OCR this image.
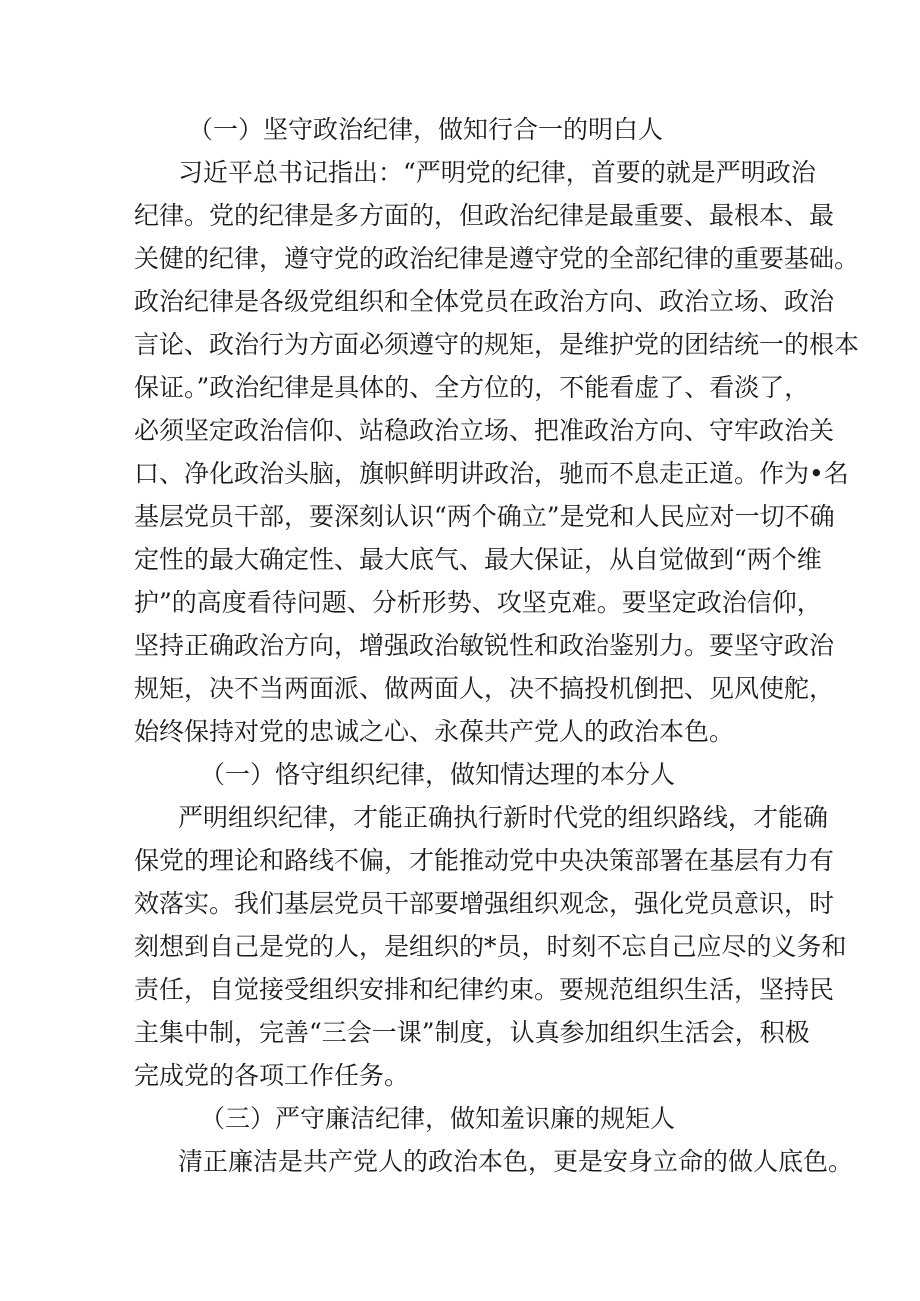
（一）坚守政治纪律，做知行合一的明白人
习近平总书记指出：“严明党的纪律，首要的就是严明政治
纪律。党的纪律是多方面的，但政治纪律是最重要、最根本、最
关健的纪律，遵守党的政治纪律是遵守党的全部纪律的重要基础。
政治纪律是各级党组织和全体党员在政治方向、政治立场、政治
言论、政治行为方面必须遵守的规矩，是维护党的团结统一的根本
保证。”政治纪律是具体的、全方位的，不能看虚了、看淡了，
必须坚定政治信仰、站稳政治立场、把准政治方向、守牢政治关
口、净化政治头脑，旗帜鲜明讲政治，驰而不息走正道。作为•名
基层党员干部，要深刻认识“两个确立”是党和人民应对一切不确
定性的最大确定性、最大底气、最大保证，从自觉做到“两个维
护”的高度看待问题、分析形势、攻坚克难。要坚定政治信仰，
坚持正确政治方向，增强政治敏锐性和政治鉴别力。要坚守政治
规矩，决不当两面派、做两面人，决不搞投机倒把、见风使舵，
始终保持对党的忠诚之心、永葆共产党人的政治本色。
（一）恪守组织纪律，做知情达理的本分人
严明组织纪律，才能正确执行新时代党的组织路线，才能确
保党的理论和路线不偏，才能推动党中央决策部署在基层有力有
效落实。我们基层党员干部要增强组织观念，强化党员意识，时
刻想到自己是党的人，是组织的*员，时刻不忘自己应尽的义务和
责任，自觉接受组织安排和纪律约束。要规范组织生活，坚持民
主集中制，完善“三会一课”制度，认真参加组织生活会，积极
完成党的各项工作任务。
（三）严守廉洁纪律，做知羞识廉的规矩人
清正廉洁是共产党人的政治本色，更是安身立命的做人底色。
